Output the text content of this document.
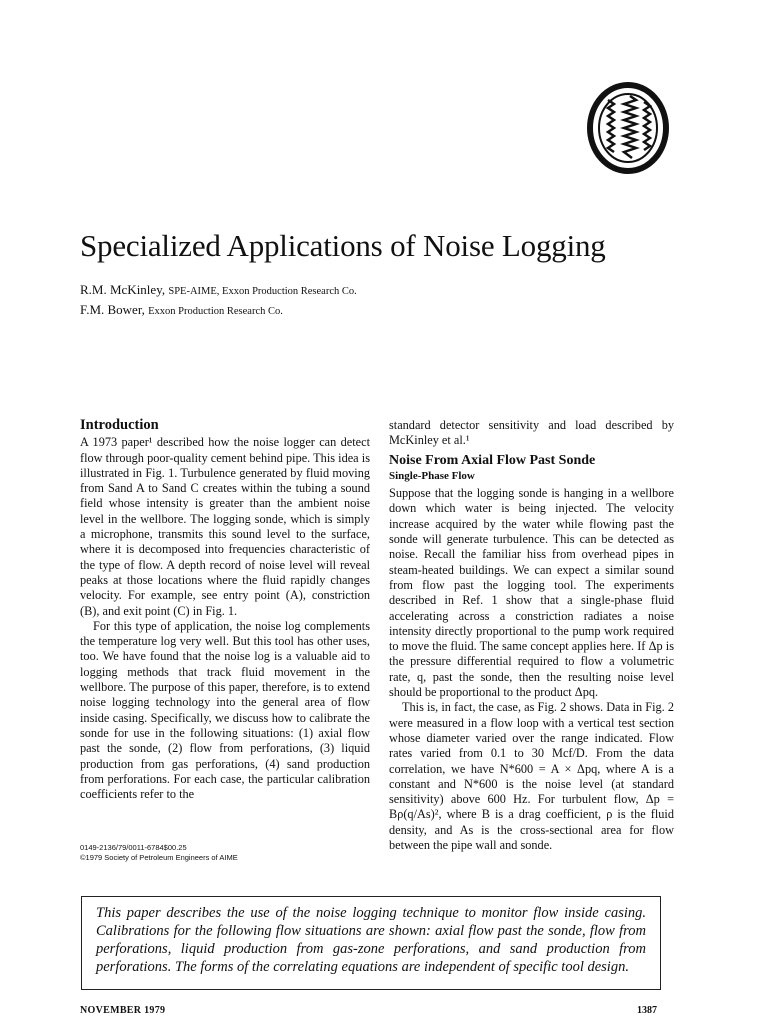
Specialized Applications of Noise Logging
R.M. McKinley, SPE-AIME, Exxon Production Research Co.
F.M. Bower, Exxon Production Research Co.
Introduction

A 1973 paper¹ described how the noise logger can detect flow through poor-quality cement behind pipe. This idea is illustrated in Fig. 1. Turbulence generated by fluid moving from Sand A to Sand C creates within the tubing a sound field whose intensity is greater than the ambient noise level in the wellbore. The logging sonde, which is simply a microphone, transmits this sound level to the surface, where it is decomposed into frequencies characteristic of the type of flow. A depth record of noise level will reveal peaks at those locations where the fluid rapidly changes velocity. For example, see entry point (A), constriction (B), and exit point (C) in Fig. 1.

For this type of application, the noise log complements the temperature log very well. But this tool has other uses, too. We have found that the noise log is a valuable aid to logging methods that track fluid movement in the wellbore. The purpose of this paper, therefore, is to extend noise logging technology into the general area of flow inside casing. Specifically, we discuss how to calibrate the sonde for use in the following situations: (1) axial flow past the sonde, (2) flow from perforations, (3) liquid production from gas perforations, (4) sand production from perforations. For each case, the particular calibration coefficients refer to the

0149-2136/79/0011-6784$00.25
©1979 Society of Petroleum Engineers of AIME

standard detector sensitivity and load described by McKinley et al.¹

Noise From Axial Flow Past Sonde
Single-Phase Flow

Suppose that the logging sonde is hanging in a wellbore down which water is being injected. The velocity increase acquired by the water while flowing past the sonde will generate turbulence. This can be detected as noise. Recall the familiar hiss from overhead pipes in steam-heated buildings. We can expect a similar sound from flow past the logging tool. The experiments described in Ref. 1 show that a single-phase fluid accelerating across a constriction radiates a noise intensity directly proportional to the pump work required to move the fluid. The same concept applies here. If Δp is the pressure differential required to flow a volumetric rate, q, past the sonde, then the resulting noise level should be proportional to the product Δpq.

This is, in fact, the case, as Fig. 2 shows. Data in Fig. 2 were measured in a flow loop with a vertical test section whose diameter varied over the range indicated. Flow rates varied from 0.1 to 30 Mcf/D. From the data correlation, we have N*600 = A × Δpq, where A is a constant and N*600 is the noise level (at standard sensitivity) above 600 Hz. For turbulent flow, Δp = Bρ(q/As)², where B is a drag coefficient, ρ is the fluid density, and As is the cross-sectional area for flow between the pipe wall and sonde.

This paper describes the use of the noise logging technique to monitor flow inside casing. Calibrations for the following flow situations are shown: axial flow past the sonde, flow from perforations, liquid production from gas-zone perforations, and sand production from perforations. The forms of the correlating equations are independent of specific tool design.
NOVEMBER 1979	1387
